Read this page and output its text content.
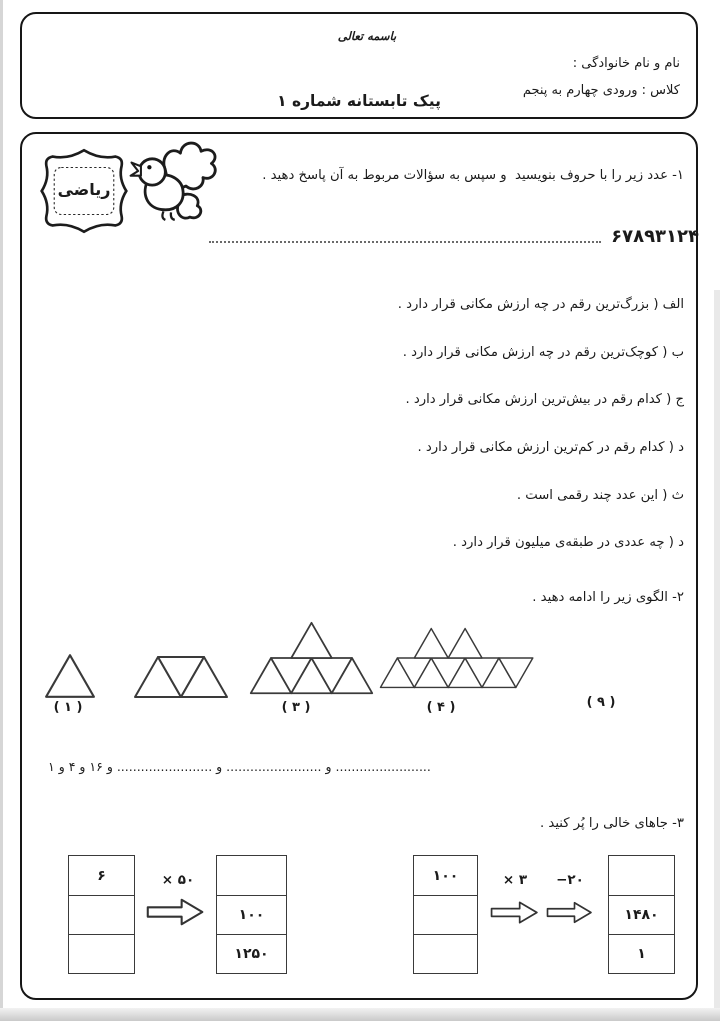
باسمه تعالی
نام و نام خانوادگی :
کلاس : ورودی چهارم به پنجم
پیک تابستانه شماره ۱
ریاضی
۱- عدد زیر را با حروف بنویسید  و سپس به سؤالات مربوط به آن پاسخ دهید .
۶۷۸۹۳۱۲۴
الف ( بزرگ‌ترین رقم در چه ارزش مکانی قرار دارد .
ب ( کوچک‌ترین رقم در چه ارزش مکانی قرار دارد .
ج ( کدام رقم در بیش‌ترین ارزش مکانی قرار دارد .
د ( کدام رقم در کم‌ترین ارزش مکانی قرار دارد .
ث ( این عدد چند رقمی است .
د ( چه عددی در طبقه‌ی میلیون قرار دارد .
۲- الگوی زیر را ادامه دهید .
( ۱ )	( ۳ )	( ۴ )	( ۹ )
........................ و ........................ و ........................ و ۱۶ و ۴ و ۱
۳- جاهای خالی را پُر کنید .
۶	× ۵۰
۱۰۰
۱۲۵۰
۱۰۰	× ۳	−۲۰
۱۴۸۰
۱
